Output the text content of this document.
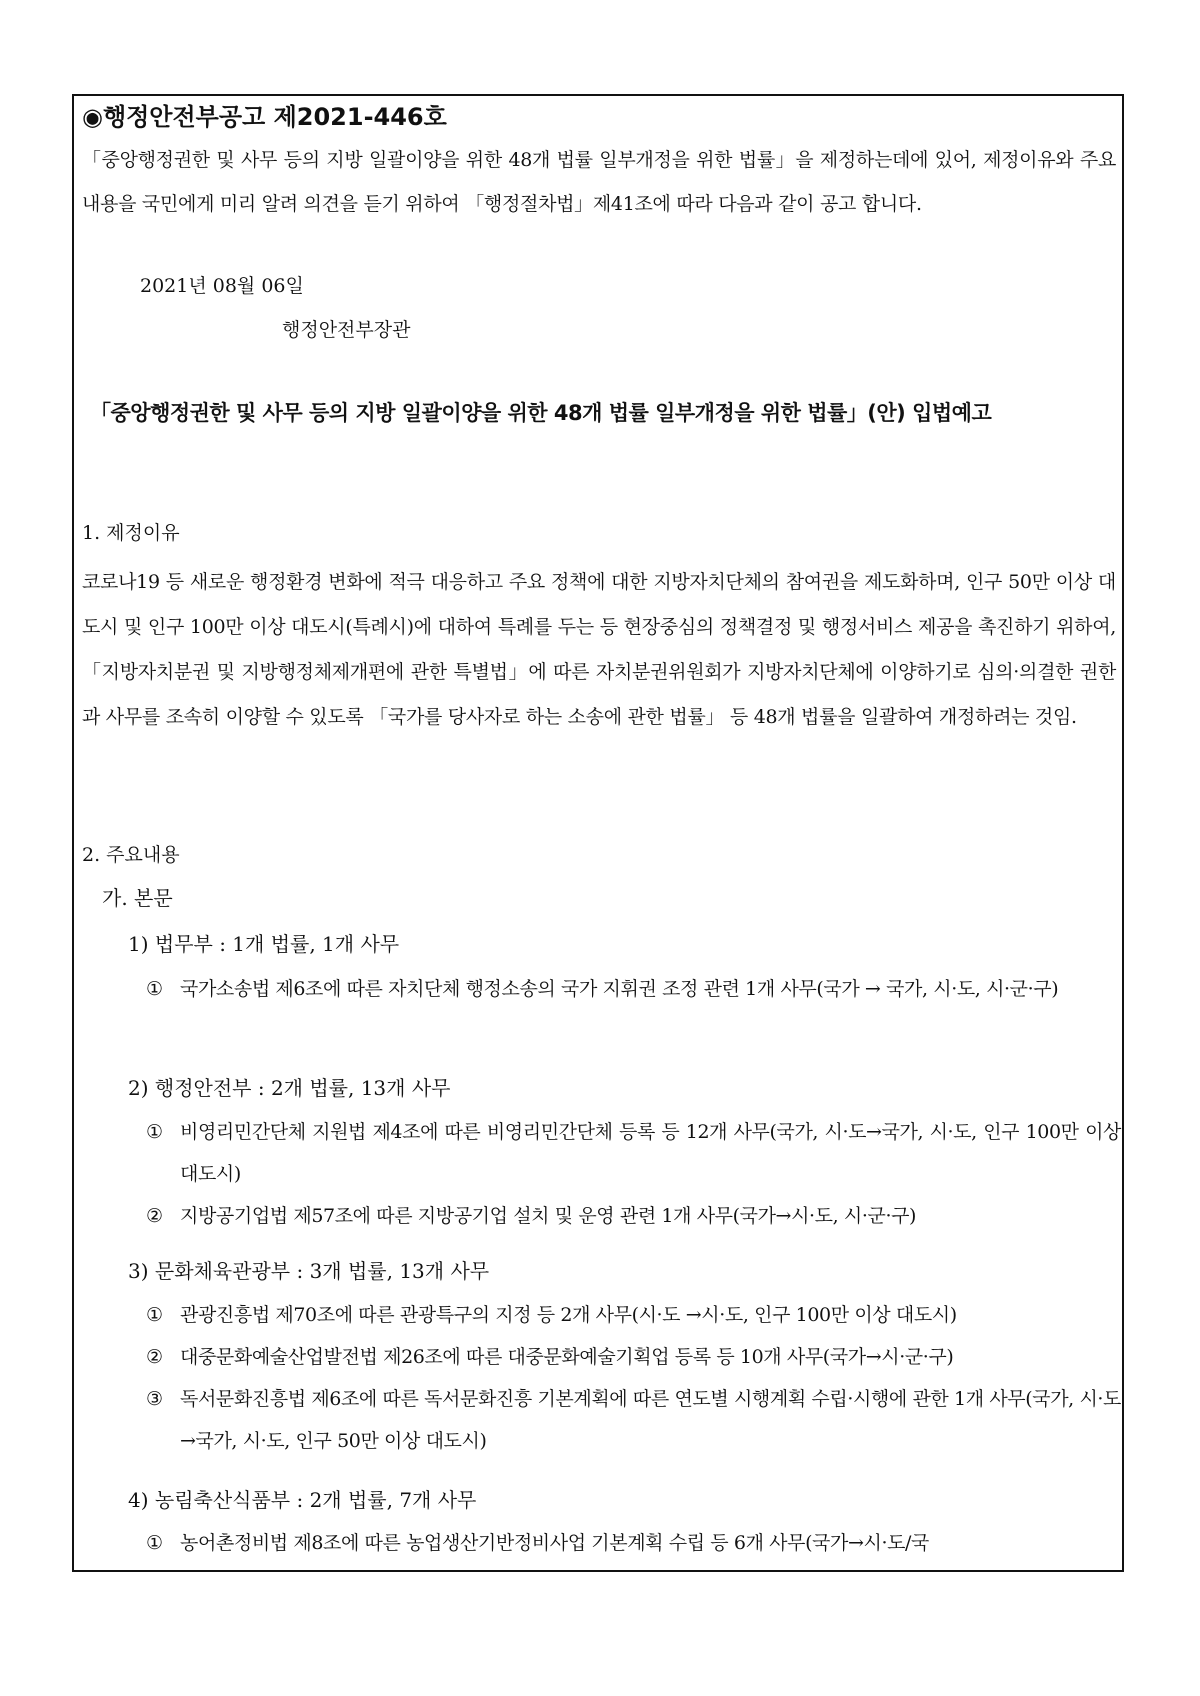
◉행정안전부공고 제2021-446호
「중앙행정권한 및 사무 등의 지방 일괄이양을 위한 48개 법률 일부개정을 위한 법률」을 제정하는데에 있어, 제정이유와 주요내용을 국민에게 미리 알려 의견을 듣기 위하여 「행정절차법」제41조에 따라 다음과 같이 공고 합니다.
2021년 08월 06일
행정안전부장관
「중앙행정권한 및 사무 등의 지방 일괄이양을 위한 48개 법률 일부개정을 위한 법률」(안) 입법예고
1. 제정이유
코로나19 등 새로운 행정환경 변화에 적극 대응하고 주요 정책에 대한 지방자치단체의 참여권을 제도화하며, 인구 50만 이상 대도시 및 인구 100만 이상 대도시(특례시)에 대하여 특례를 두는 등 현장중심의 정책결정 및 행정서비스 제공을 촉진하기 위하여, 「지방자치분권 및 지방행정체제개편에 관한 특별법」에 따른 자치분권위원회가 지방자치단체에 이양하기로 심의·의결한 권한과 사무를 조속히 이양할 수 있도록 「국가를 당사자로 하는 소송에 관한 법률」 등 48개 법률을 일괄하여 개정하려는 것임.
2. 주요내용
가. 본문
1) 법무부 : 1개 법률, 1개 사무
① 국가소송법 제6조에 따른 자치단체 행정소송의 국가 지휘권 조정 관련 1개 사무(국가 → 국가, 시·도, 시·군·구)
2) 행정안전부 : 2개 법률, 13개 사무
① 비영리민간단체 지원법 제4조에 따른 비영리민간단체 등록 등 12개 사무(국가, 시·도→국가, 시·도, 인구 100만 이상 대도시)
② 지방공기업법 제57조에 따른 지방공기업 설치 및 운영 관련 1개 사무(국가→시·도, 시·군·구)
3) 문화체육관광부 : 3개 법률, 13개 사무
① 관광진흥법 제70조에 따른 관광특구의 지정 등 2개 사무(시·도 →시·도, 인구 100만 이상 대도시)
② 대중문화예술산업발전법 제26조에 따른 대중문화예술기획업 등록 등 10개 사무(국가→시·군·구)
③ 독서문화진흥법 제6조에 따른 독서문화진흥 기본계획에 따른 연도별 시행계획 수립·시행에 관한 1개 사무(국가, 시·도 →국가, 시·도, 인구 50만 이상 대도시)
4) 농림축산식품부 : 2개 법률, 7개 사무
① 농어촌정비법 제8조에 따른 농업생산기반정비사업 기본계획 수립 등 6개 사무(국가→시·도/국
